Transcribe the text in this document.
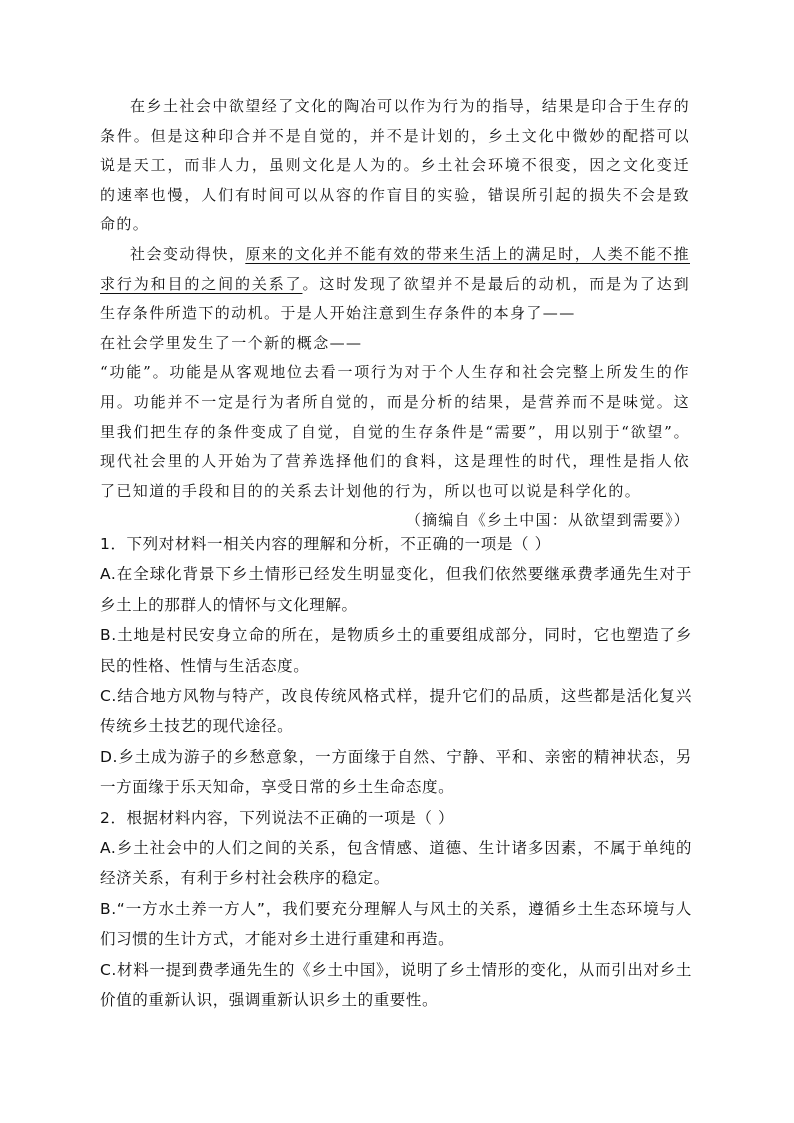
在乡土社会中欲望经了文化的陶冶可以作为行为的指导，结果是印合于生存的条件。但是这种印合并不是自觉的，并不是计划的，乡土文化中微妙的配搭可以说是天工，而非人力，虽则文化是人为的。乡土社会环境不很变，因之文化变迁的速率也慢，人们有时间可以从容的作盲目的实验，错误所引起的损失不会是致命的。

社会变动得快，原来的文化并不能有效的带来生活上的满足时，人类不能不推求行为和目的之间的关系了。这时发现了欲望并不是最后的动机，而是为了达到生存条件所造下的动机。于是人开始注意到生存条件的本身了——

在社会学里发生了一个新的概念——

“功能”。功能是从客观地位去看一项行为对于个人生存和社会完整上所发生的作用。功能并不一定是行为者所自觉的，而是分析的结果，是营养而不是味觉。这里我们把生存的条件变成了自觉，自觉的生存条件是“需要”，用以别于“欲望”。现代社会里的人开始为了营养选择他们的食料，这是理性的时代，理性是指人依了已知道的手段和目的的关系去计划他的行为，所以也可以说是科学化的。

（摘编自《乡土中国：从欲望到需要》）

1．下列对材料一相关内容的理解和分析，不正确的一项是（ ）

A.在全球化背景下乡土情形已经发生明显变化，但我们依然要继承费孝通先生对于乡土上的那群人的情怀与文化理解。

B.土地是村民安身立命的所在，是物质乡土的重要组成部分，同时，它也塑造了乡民的性格、性情与生活态度。

C.结合地方风物与特产，改良传统风格式样，提升它们的品质，这些都是活化复兴传统乡土技艺的现代途径。

D.乡土成为游子的乡愁意象，一方面缘于自然、宁静、平和、亲密的精神状态，另一方面缘于乐天知命，享受日常的乡土生命态度。

2．根据材料内容，下列说法不正确的一项是（ ）

A.乡土社会中的人们之间的关系，包含情感、道德、生计诸多因素，不属于单纯的经济关系，有利于乡村社会秩序的稳定。

B.“一方水土养一方人”，我们要充分理解人与风土的关系，遵循乡土生态环境与人们习惯的生计方式，才能对乡土进行重建和再造。

C.材料一提到费孝通先生的《乡土中国》，说明了乡土情形的变化，从而引出对乡土价值的重新认识，强调重新认识乡土的重要性。
